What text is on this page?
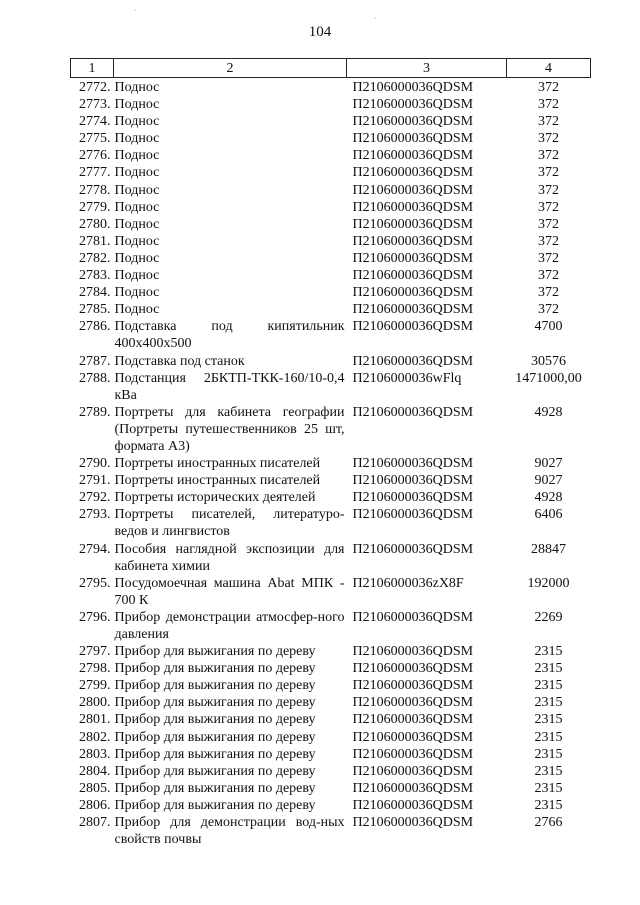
·
·
104
1	2	3	4
2772.	Поднос	П2106000036QDSM	372
2773.	Поднос	П2106000036QDSM	372
2774.	Поднос	П2106000036QDSM	372
2775.	Поднос	П2106000036QDSM	372
2776.	Поднос	П2106000036QDSM	372
2777.	Поднос	П2106000036QDSM	372
2778.	Поднос	П2106000036QDSM	372
2779.	Поднос	П2106000036QDSM	372
2780.	Поднос	П2106000036QDSM	372
2781.	Поднос	П2106000036QDSM	372
2782.	Поднос	П2106000036QDSM	372
2783.	Поднос	П2106000036QDSM	372
2784.	Поднос	П2106000036QDSM	372
2785.	Поднос	П2106000036QDSM	372
2786.	Подставка под кипятильник 400х400х500	П2106000036QDSM	4700
2787.	Подставка под станок	П2106000036QDSM	30576
2788.	Подстанция 2БКТП-ТКК-160/10-0,4 кВа	П2106000036wFlq	1471000,00
2789.	Портреты для кабинета географии (Портреты путешественников 25 шт, формата А3)	П2106000036QDSM	4928
2790.	Портреты иностранных писателей	П2106000036QDSM	9027
2791.	Портреты иностранных писателей	П2106000036QDSM	9027
2792.	Портреты исторических деятелей	П2106000036QDSM	4928
2793.	Портреты писателей, литературо-ведов и лингвистов	П2106000036QDSM	6406
2794.	Пособия наглядной экспозиции для кабинета химии	П2106000036QDSM	28847
2795.	Посудомоечная машина Abat МПК - 700 К	П2106000036zX8F	192000
2796.	Прибор демонстрации атмосфер-ного давления	П2106000036QDSM	2269
2797.	Прибор для выжигания по дереву	П2106000036QDSM	2315
2798.	Прибор для выжигания по дереву	П2106000036QDSM	2315
2799.	Прибор для выжигания по дереву	П2106000036QDSM	2315
2800.	Прибор для выжигания по дереву	П2106000036QDSM	2315
2801.	Прибор для выжигания по дереву	П2106000036QDSM	2315
2802.	Прибор для выжигания по дереву	П2106000036QDSM	2315
2803.	Прибор для выжигания по дереву	П2106000036QDSM	2315
2804.	Прибор для выжигания по дереву	П2106000036QDSM	2315
2805.	Прибор для выжигания по дереву	П2106000036QDSM	2315
2806.	Прибор для выжигания по дереву	П2106000036QDSM	2315
2807.	Прибор для демонстрации вод-ных свойств почвы	П2106000036QDSM	2766
